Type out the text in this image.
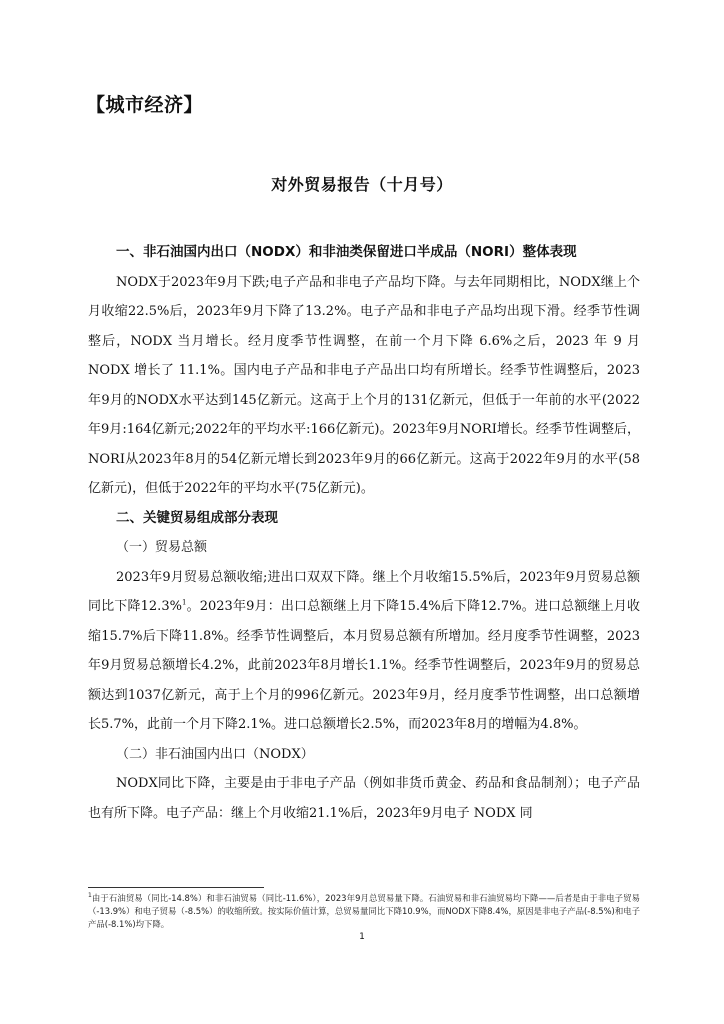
【城市经济】
对外贸易报告（十月号）

一、非石油国内出口（NODX）和非油类保留进口半成品（NORI）整体表现

NODX于2023年9月下跌;电子产品和非电子产品均下降。与去年同期相比，NODX继上个月收缩22.5%后，2023年9月下降了13.2%。电子产品和非电子产品均出现下滑。经季节性调整后，NODX 当月增长。经月度季节性调整，在前一个月下降 6.6%之后，2023 年 9 月 NODX 增长了 11.1%。国内电子产品和非电子产品出口均有所增长。经季节性调整后，2023年9月的NODX水平达到145亿新元。这高于上个月的131亿新元，但低于一年前的水平(2022年9月:164亿新元;2022年的平均水平:166亿新元)。2023年9月NORI增长。经季节性调整后，NORI从2023年8月的54亿新元增长到2023年9月的66亿新元。这高于2022年9月的水平(58亿新元)，但低于2022年的平均水平(75亿新元)。

二、关键贸易组成部分表现

（一）贸易总额

2023年9月贸易总额收缩;进出口双双下降。继上个月收缩15.5%后，2023年9月贸易总额同比下降12.3%$^1$。2023年9月：出口总额继上月下降15.4%后下降12.7%。进口总额继上月收缩15.7%后下降11.8%。经季节性调整后，本月贸易总额有所增加。经月度季节性调整，2023年9月贸易总额增长4.2%，此前2023年8月增长1.1%。经季节性调整后，2023年9月的贸易总额达到1037亿新元，高于上个月的996亿新元。2023年9月，经月度季节性调整，出口总额增长5.7%，此前一个月下降2.1%。进口总额增长2.5%，而2023年8月的增幅为4.8%。

（二）非石油国内出口（NODX）

NODX同比下降，主要是由于非电子产品（例如非货币黄金、药品和食品制剂）；电子产品也有所下降。电子产品：继上个月收缩21.1%后，2023年9月电子 NODX 同

$^1$由于石油贸易（同比-14.8%）和非石油贸易（同比-11.6%），2023年9月总贸易量下降。石油贸易和非石油贸易均下降——后者是由于非电子贸易（-13.9%）和电子贸易（-8.5%）的收缩所致。按实际价值计算，总贸易量同比下降10.9%，而NODX下降8.4%，原因是非电子产品(-8.5%)和电子产品(-8.1%)均下降。
1
